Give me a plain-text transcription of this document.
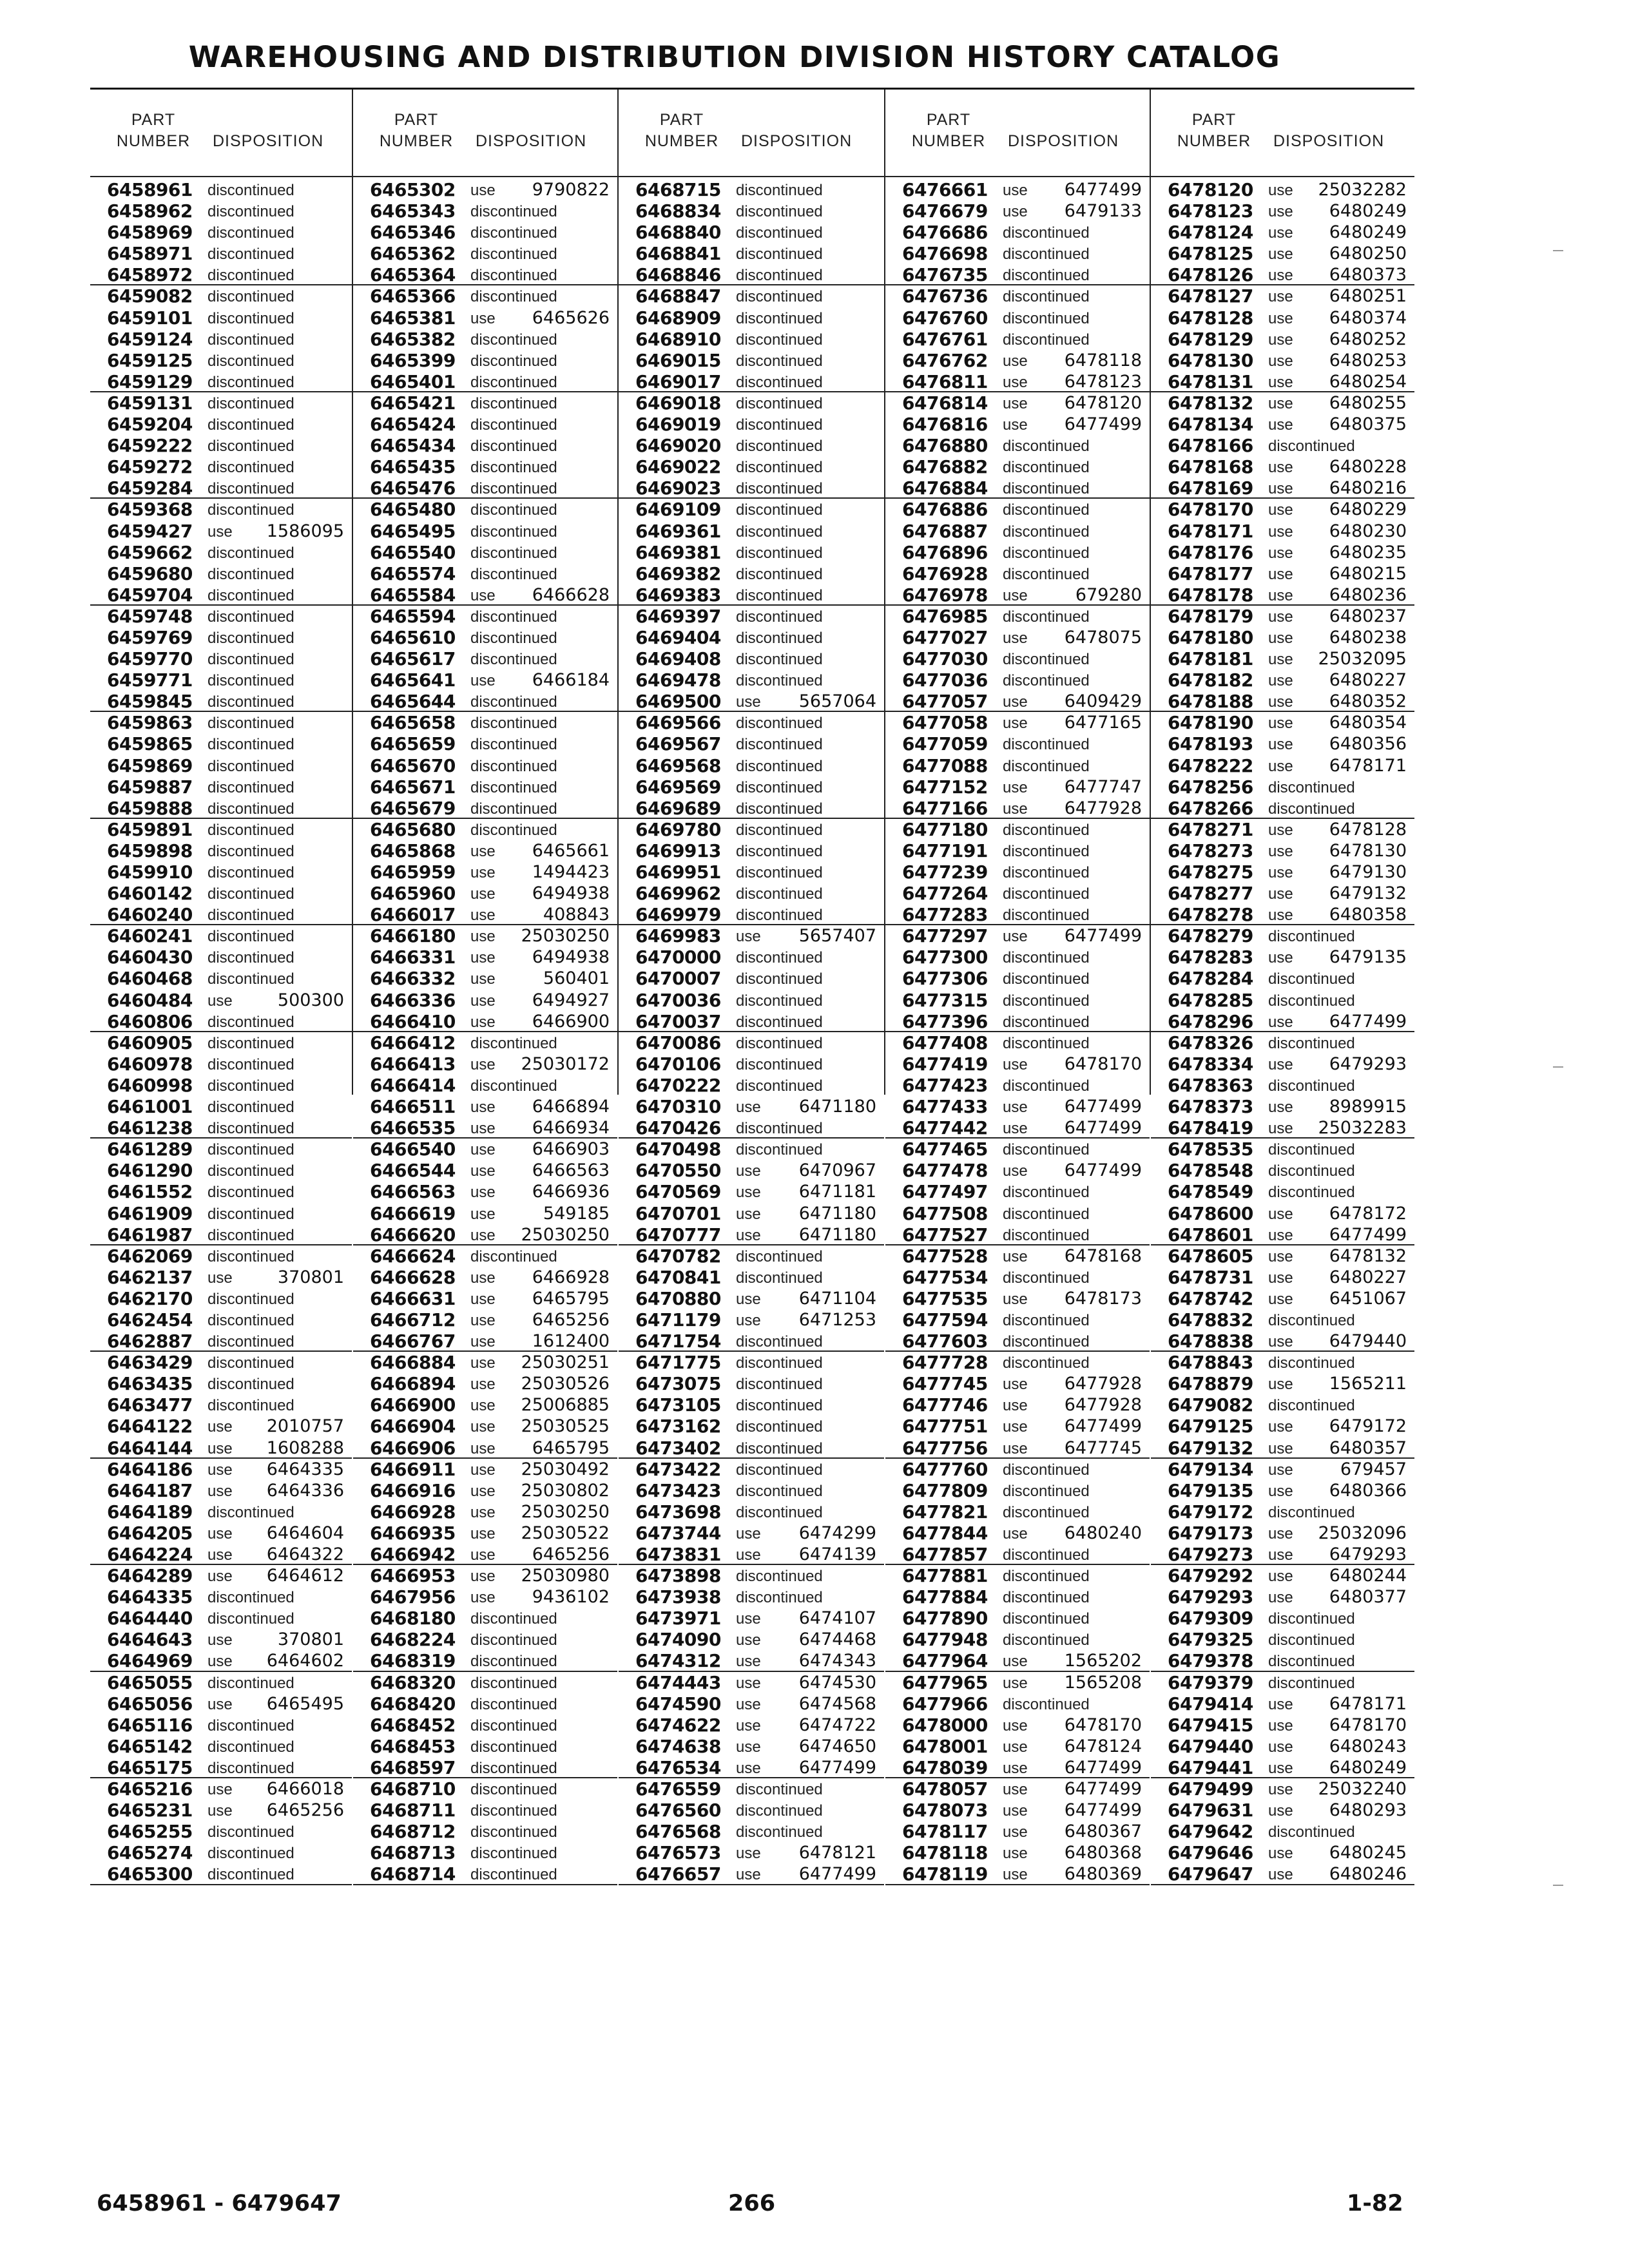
WAREHOUSING AND DISTRIBUTION DIVISION HISTORY CATALOG
PART
NUMBER	DISPOSITION
6458961 discontinued
6458962 discontinued
6458969 discontinued
6458971 discontinued
6458972 discontinued
6459082 discontinued
6459101 discontinued
6459124 discontinued
6459125 discontinued
6459129 discontinued
6459131 discontinued
6459204 discontinued
6459222 discontinued
6459272 discontinued
6459284 discontinued
6459368 discontinued
6459427 use 1586095
6459662 discontinued
6459680 discontinued
6459704 discontinued
6459748 discontinued
6459769 discontinued
6459770 discontinued
6459771 discontinued
6459845 discontinued
6459863 discontinued
6459865 discontinued
6459869 discontinued
6459887 discontinued
6459888 discontinued
6459891 discontinued
6459898 discontinued
6459910 discontinued
6460142 discontinued
6460240 discontinued
6460241 discontinued
6460430 discontinued
6460468 discontinued
6460484 use	500300
6460806 discontinued
6460905 discontinued
6460978 discontinued
6460998 discontinued
6461001 discontinued
6461238 discontinued
6461289 discontinued
6461290 discontinued
6461552 discontinued
6461909 discontinued
6461987 discontinued
6462069 discontinued
6462137 use	370801
6462170 discontinued
6462454 discontinued
6462887 discontinued
6463429 discontinued
6463435 discontinued
6463477 discontinued
6464122 use 2010757
6464144 use 1608288
6464186 use 6464335
6464187 use 6464336
6464189 discontinued
6464205 use 6464604
6464224 use 6464322
6464289 use 6464612
6464335 discontinued
6464440 discontinued
6464643 use	370801
6464969 use 6464602
6465055 discontinued
6465056 use 6465495
6465116 discontinued
6465142 discontinued
6465175 discontinued
6465216 use 6466018
6465231 use 6465256
6465255 discontinued
6465274 discontinued
6465300 discontinued
PART
NUMBER	DISPOSITION
6465302 use 9790822
6465343 discontinued
6465346 discontinued
6465362 discontinued
6465364 discontinued
6465366 discontinued
6465381 use 6465626
6465382 discontinued
6465399 discontinued
6465401 discontinued
6465421 discontinued
6465424 discontinued
6465434 discontinued
6465435 discontinued
6465476 discontinued
6465480 discontinued
6465495 discontinued
6465540 discontinued
6465574 discontinued
6465584 use 6466628
6465594 discontinued
6465610 discontinued
6465617 discontinued
6465641 use 6466184
6465644 discontinued
6465658 discontinued
6465659 discontinued
6465670 discontinued
6465671 discontinued
6465679 discontinued
6465680 discontinued
6465868 use 6465661
6465959 use 1494423
6465960 use 6494938
6466017 use	408843
6466180 use 25030250
6466331 use 6494938
6466332 use	560401
6466336 use 6494927
6466410 use 6466900
6466412 discontinued
6466413 use 25030172
6466414 discontinued
6466511 use 6466894
6466535 use 6466934
6466540 use 6466903
6466544 use 6466563
6466563 use 6466936
6466619 use	549185
6466620 use 25030250
6466624 discontinued
6466628 use 6466928
6466631 use 6465795
6466712 use 6465256
6466767 use 1612400
6466884 use 25030251
6466894 use 25030526
6466900 use 25006885
6466904 use 25030525
6466906 use 6465795
6466911 use 25030492
6466916 use 25030802
6466928 use 25030250
6466935 use 25030522
6466942 use 6465256
6466953 use 25030980
6467956 use 9436102
6468180 discontinued
6468224 discontinued
6468319 discontinued
6468320 discontinued
6468420 discontinued
6468452 discontinued
6468453 discontinued
6468597 discontinued
6468710 discontinued
6468711 discontinued
6468712 discontinued
6468713 discontinued
6468714 discontinued
PART
NUMBER	DISPOSITION
6468715 discontinued
6468834 discontinued
6468840 discontinued
6468841 discontinued
6468846 discontinued
6468847 discontinued
6468909 discontinued
6468910 discontinued
6469015 discontinued
6469017 discontinued
6469018 discontinued
6469019 discontinued
6469020 discontinued
6469022 discontinued
6469023 discontinued
6469109 discontinued
6469361 discontinued
6469381 discontinued
6469382 discontinued
6469383 discontinued
6469397 discontinued
6469404 discontinued
6469408 discontinued
6469478 discontinued
6469500 use 5657064
6469566 discontinued
6469567 discontinued
6469568 discontinued
6469569 discontinued
6469689 discontinued
6469780 discontinued
6469913 discontinued
6469951 discontinued
6469962 discontinued
6469979 discontinued
6469983 use 5657407
6470000 discontinued
6470007 discontinued
6470036 discontinued
6470037 discontinued
6470086 discontinued
6470106 discontinued
6470222 discontinued
6470310 use 6471180
6470426 discontinued
6470498 discontinued
6470550 use 6470967
6470569 use 6471181
6470701 use 6471180
6470777 use 6471180
6470782 discontinued
6470841 discontinued
6470880 use 6471104
6471179 use 6471253
6471754 discontinued
6471775 discontinued
6473075 discontinued
6473105 discontinued
6473162 discontinued
6473402 discontinued
6473422 discontinued
6473423 discontinued
6473698 discontinued
6473744 use 6474299
6473831 use 6474139
6473898 discontinued
6473938 discontinued
6473971 use 6474107
6474090 use 6474468
6474312 use 6474343
6474443 use 6474530
6474590 use 6474568
6474622 use 6474722
6474638 use 6474650
6476534 use 6477499
6476559 discontinued
6476560 discontinued
6476568 discontinued
6476573 use 6478121
6476657 use 6477499
PART
NUMBER	DISPOSITION
6476661 use 6477499
6476679 use 6479133
6476686 discontinued
6476698 discontinued
6476735 discontinued
6476736 discontinued
6476760 discontinued
6476761 discontinued
6476762 use 6478118
6476811 use 6478123
6476814 use 6478120
6476816 use 6477499
6476880 discontinued
6476882 discontinued
6476884 discontinued
6476886 discontinued
6476887 discontinued
6476896 discontinued
6476928 discontinued
6476978 use	679280
6476985 discontinued
6477027 use 6478075
6477030 discontinued
6477036 discontinued
6477057 use 6409429
6477058 use 6477165
6477059 discontinued
6477088 discontinued
6477152 use 6477747
6477166 use 6477928
6477180 discontinued
6477191 discontinued
6477239 discontinued
6477264 discontinued
6477283 discontinued
6477297 use 6477499
6477300 discontinued
6477306 discontinued
6477315 discontinued
6477396 discontinued
6477408 discontinued
6477419 use 6478170
6477423 discontinued
6477433 use 6477499
6477442 use 6477499
6477465 discontinued
6477478 use 6477499
6477497 discontinued
6477508 discontinued
6477527 discontinued
6477528 use 6478168
6477534 discontinued
6477535 use 6478173
6477594 discontinued
6477603 discontinued
6477728 discontinued
6477745 use 6477928
6477746 use 6477928
6477751 use 6477499
6477756 use 6477745
6477760 discontinued
6477809 discontinued
6477821 discontinued
6477844 use 6480240
6477857 discontinued
6477881 discontinued
6477884 discontinued
6477890 discontinued
6477948 discontinued
6477964 use 1565202
6477965 use 1565208
6477966 discontinued
6478000 use 6478170
6478001 use 6478124
6478039 use 6477499
6478057 use 6477499
6478073 use 6477499
6478117 use 6480367
6478118 use 6480368
6478119 use 6480369
PART
NUMBER	DISPOSITION
6478120 use 25032282
6478123 use 6480249
6478124 use 6480249
6478125 use 6480250
6478126 use 6480373
6478127 use 6480251
6478128 use 6480374
6478129 use 6480252
6478130 use 6480253
6478131 use 6480254
6478132 use 6480255
6478134 use 6480375
6478166 discontinued
6478168 use 6480228
6478169 use 6480216
6478170 use 6480229
6478171 use 6480230
6478176 use 6480235
6478177 use 6480215
6478178 use 6480236
6478179 use 6480237
6478180 use 6480238
6478181 use 25032095
6478182 use 6480227
6478188 use 6480352
6478190 use 6480354
6478193 use 6480356
6478222 use 6478171
6478256 discontinued
6478266 discontinued
6478271 use 6478128
6478273 use 6478130
6478275 use 6479130
6478277 use 6479132
6478278 use 6480358
6478279 discontinued
6478283 use 6479135
6478284 discontinued
6478285 discontinued
6478296 use 6477499
6478326 discontinued
6478334 use 6479293
6478363 discontinued
6478373 use 8989915
6478419 use 25032283
6478535 discontinued
6478548 discontinued
6478549 discontinued
6478600 use 6478172
6478601 use 6477499
6478605 use 6478132
6478731 use 6480227
6478742 use 6451067
6478832 discontinued
6478838 use 6479440
6478843 discontinued
6478879 use 1565211
6479082 discontinued
6479125 use 6479172
6479132 use 6480357
6479134 use	679457
6479135 use 6480366
6479172 discontinued
6479173 use 25032096
6479273 use 6479293
6479292 use 6480244
6479293 use 6480377
6479309 discontinued
6479325 discontinued
6479378 discontinued
6479379 discontinued
6479414 use 6478171
6479415 use 6478170
6479440 use 6480243
6479441 use 6480249
6479499 use 25032240
6479631 use 6480293
6479642 discontinued
6479646 use 6480245
6479647 use 6480246
6458961 - 6479647	266	1-82
